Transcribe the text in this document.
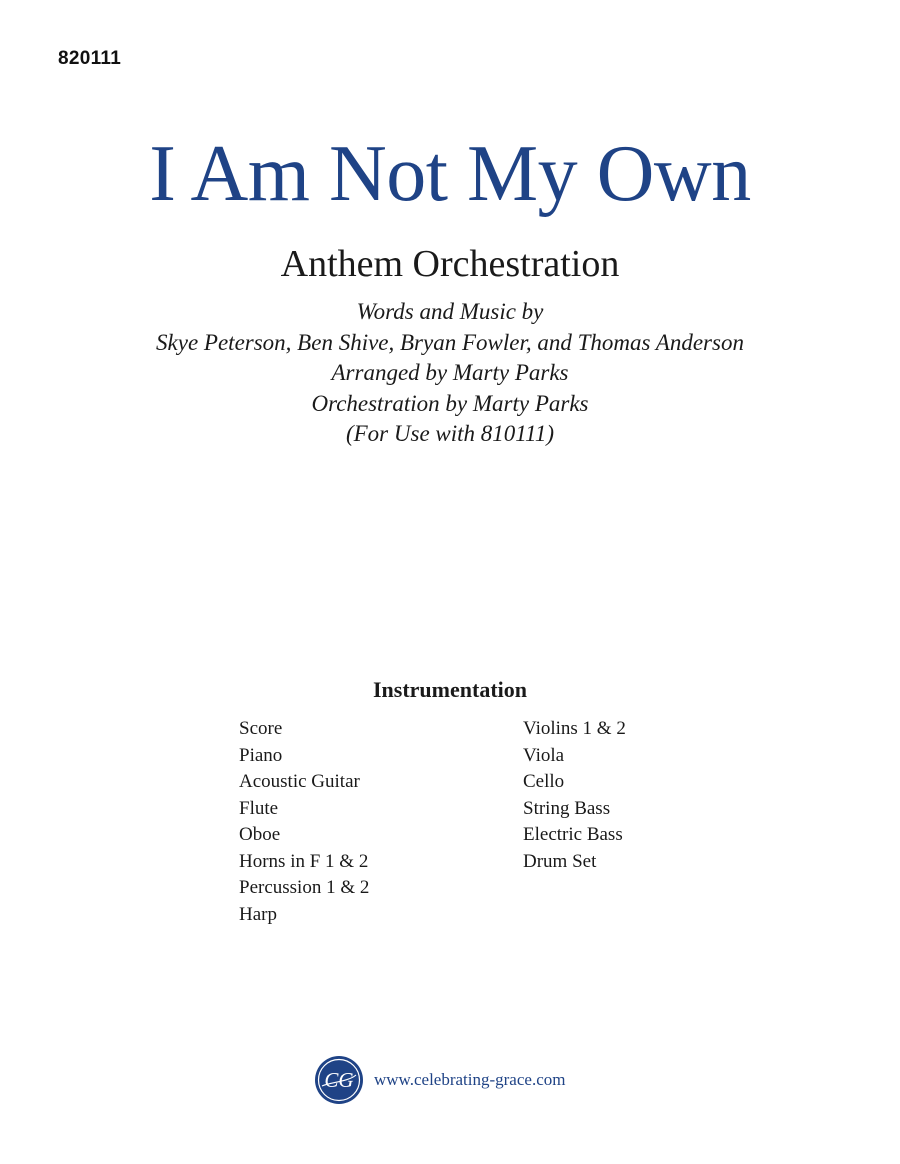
820111
I Am Not My Own
Anthem Orchestration
Words and Music by
Skye Peterson, Ben Shive, Bryan Fowler, and Thomas Anderson
Arranged by Marty Parks
Orchestration by Marty Parks
(For Use with 810111)
Instrumentation
Score
Piano
Acoustic Guitar
Flute
Oboe
Horns in F 1 & 2
Percussion 1 & 2
Harp
Violins 1 & 2
Viola
Cello
String Bass
Electric Bass
Drum Set
CG www.celebrating-grace.com
